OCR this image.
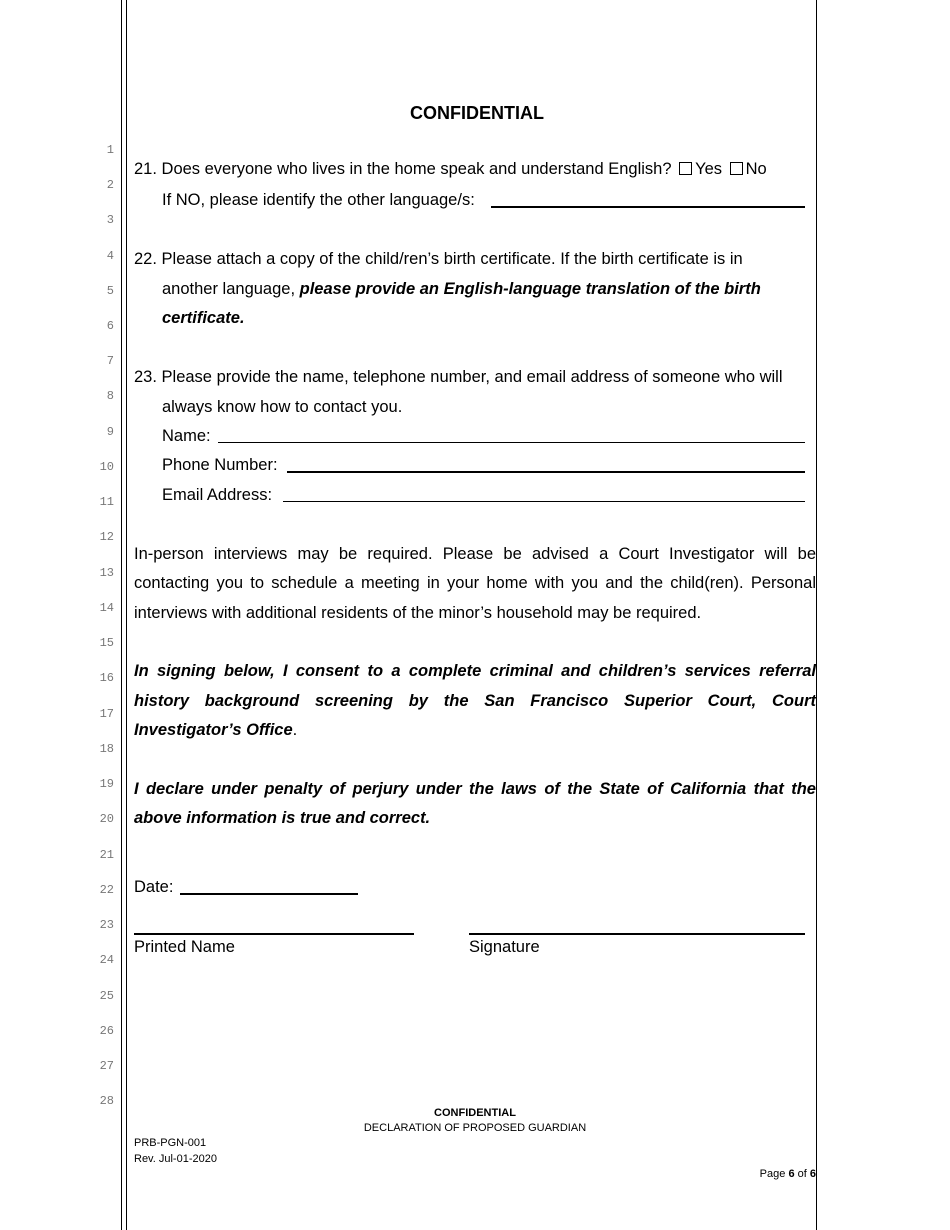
1
2
3
4
5
6
7
8
9
10
11
12
13
14
15
16
17
18
19
20
21
22
23
24
25
26
27
28
CONFIDENTIAL
21. Does everyone who lives in the home speak and understand English? Yes No
If NO, please identify the other language/s:
22. Please attach a copy of the child/ren’s birth certificate. If the birth certificate is in
another language, please provide an English-language translation of the birth
certificate.
23. Please provide the name, telephone number, and email address of someone who will
always know how to contact you.
Name:
Phone Number:
Email Address:
In-person interviews may be required. Please be advised a Court Investigator will be
contacting you to schedule a meeting in your home with you and the child(ren). Personal
interviews with additional residents of the minor’s household may be required.
In signing below, I consent to a complete criminal and children’s services referral
history background screening by the San Francisco Superior Court, Court
Investigator’s Office.
I declare under penalty of perjury under the laws of the State of California that the
above information is true and correct.
Date:
Printed Name	Signature
CONFIDENTIAL
DECLARATION OF PROPOSED GUARDIAN
PRB-PGN-001
Rev. Jul-01-2020
Page 6 of 6
